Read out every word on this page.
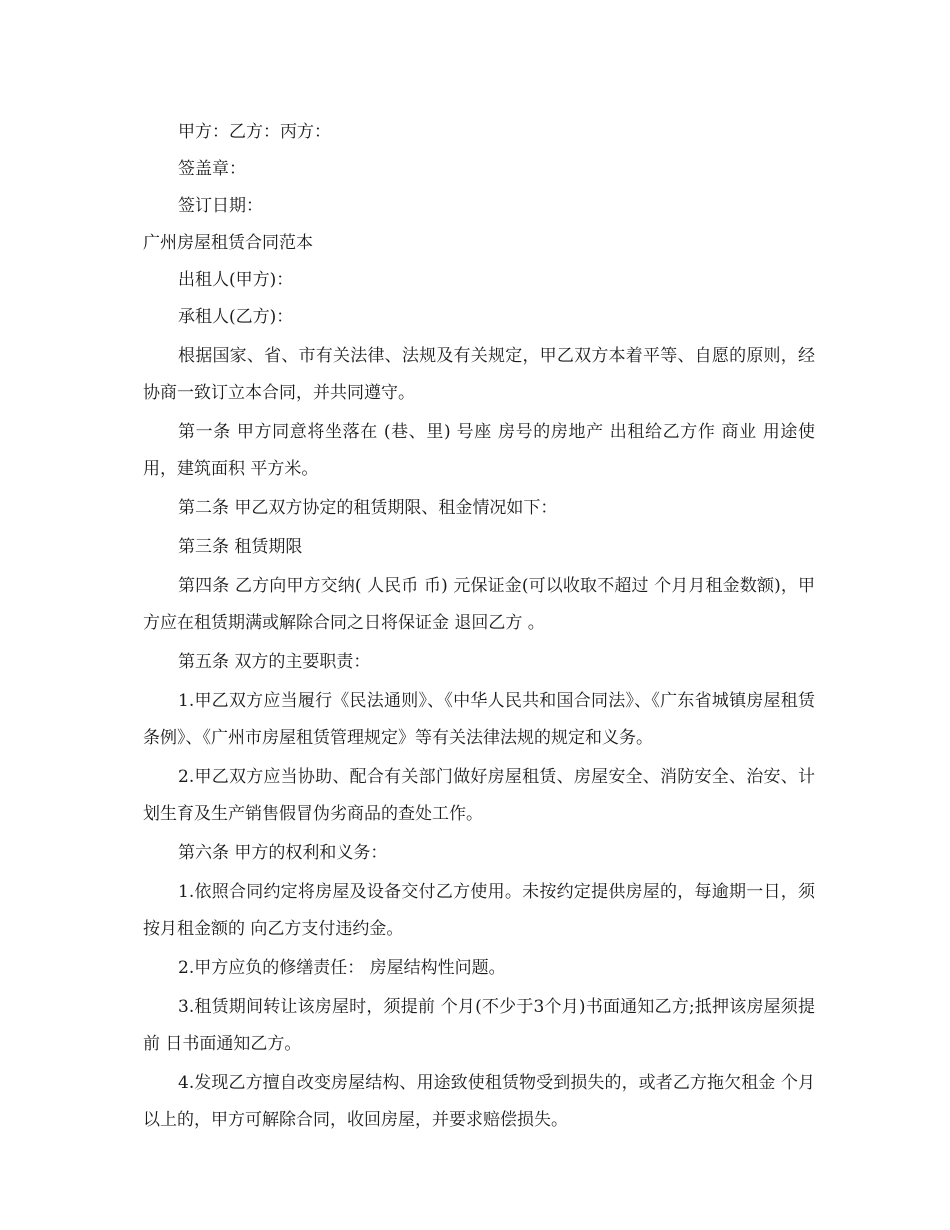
甲方：乙方：丙方：
签盖章：
签订日期：
广州房屋租赁合同范本
出租人(甲方)：
承租人(乙方)：

根据国家、省、市有关法律、法规及有关规定，甲乙双方本着平等、自愿的原则，经协商一致订立本合同，并共同遵守。

第一条 甲方同意将坐落在 (巷、里) 号座 房号的房地产 出租给乙方作 商业 用途使用，建筑面积 平方米。

第二条 甲乙双方协定的租赁期限、租金情况如下：

第三条 租赁期限

第四条 乙方向甲方交纳( 人民币 币) 元保证金(可以收取不超过 个月月租金数额)，甲方应在租赁期满或解除合同之日将保证金 退回乙方 。

第五条 双方的主要职责：

1.甲乙双方应当履行《民法通则》、《中华人民共和国合同法》、《广东省城镇房屋租赁条例》、《广州市房屋租赁管理规定》等有关法律法规的规定和义务。

2.甲乙双方应当协助、配合有关部门做好房屋租赁、房屋安全、消防安全、治安、计划生育及生产销售假冒伪劣商品的查处工作。

第六条 甲方的权利和义务：

1.依照合同约定将房屋及设备交付乙方使用。未按约定提供房屋的，每逾期一日，须按月租金额的 向乙方支付违约金。

2.甲方应负的修缮责任： 房屋结构性问题。

3.租赁期间转让该房屋时，须提前 个月(不少于3个月)书面通知乙方;抵押该房屋须提前 日书面通知乙方。

4.发现乙方擅自改变房屋结构、用途致使租赁物受到损失的，或者乙方拖欠租金 个月以上的，甲方可解除合同，收回房屋，并要求赔偿损失。
